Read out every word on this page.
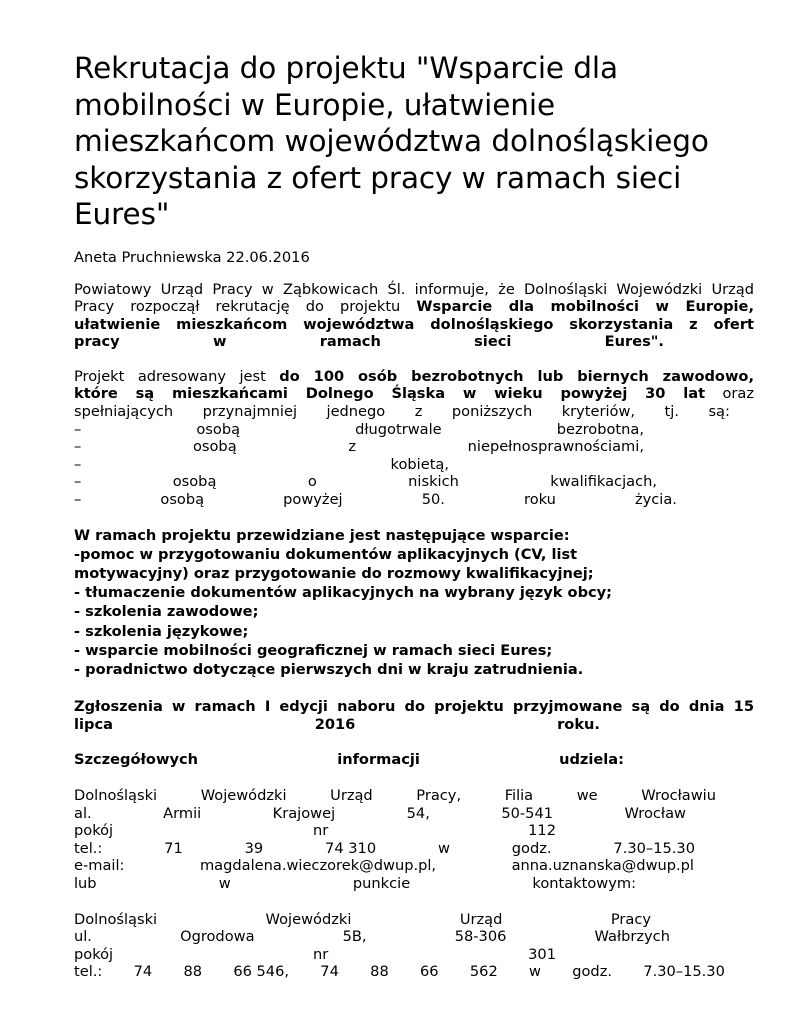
Rekrutacja do projektu "Wsparcie dla mobilności w Europie, ułatwienie mieszkańcom województwa dolnośląskiego skorzystania z ofert pracy w ramach sieci Eures"
Aneta Pruchniewska 22.06.2016
Powiatowy Urząd Pracy w Ząbkowicach Śl. informuje, że Dolnośląski Wojewódzki Urząd
Pracy rozpoczął rekrutację do projektu Wsparcie dla mobilności w Europie,
ułatwienie mieszkańcom województwa dolnośląskiego skorzystania z ofert
pracy	w	ramach	sieci	Eures".
Projekt adresowany jest do 100 osób bezrobotnych lub biernych zawodowo,
które są mieszkańcami Dolnego Śląska w wieku powyżej 30 lat oraz
spełniających przynajmniej jednego z poniższych kryteriów, tj. są:
–	osobą	długotrwale	bezrobotna,
–	osobą	z	niepełnosprawnościami,
–	kobietą,
–	osobą	o	niskich	kwalifikacjach,
–	osobą	powyżej	50.	roku	życia.
W ramach projektu przewidziane jest następujące wsparcie:
-pomoc w przygotowaniu dokumentów aplikacyjnych (CV, list
motywacyjny) oraz przygotowanie do rozmowy kwalifikacyjnej;
- tłumaczenie dokumentów aplikacyjnych na wybrany język obcy;
- szkolenia zawodowe;
- szkolenia językowe;
- wsparcie mobilności geograficznej w ramach sieci Eures;
- poradnictwo dotyczące pierwszych dni w kraju zatrudnienia.
Zgłoszenia w ramach I edycji naboru do projektu przyjmowane są do dnia 15
lipca	2016	roku.
Szczegółowych	informacji	udziela:
Dolnośląski	Wojewódzki	Urząd	Pracy,	Filia	we	Wrocławiu
al.	Armii	Krajowej	54,	50-541	Wrocław
pokój	nr	112
tel.:	71	39	74 310	w	godz.	7.30–15.30
e-mail:	magdalena.wieczorek@dwup.pl,	anna.uznanska@dwup.pl
lub	w	punkcie	kontaktowym:
Dolnośląski	Wojewódzki	Urząd	Pracy
ul.	Ogrodowa	5B,	58-306	Wałbrzych
pokój	nr	301
tel.: 74 88 66 546, 74 88 66 562 w godz. 7.30–15.30
